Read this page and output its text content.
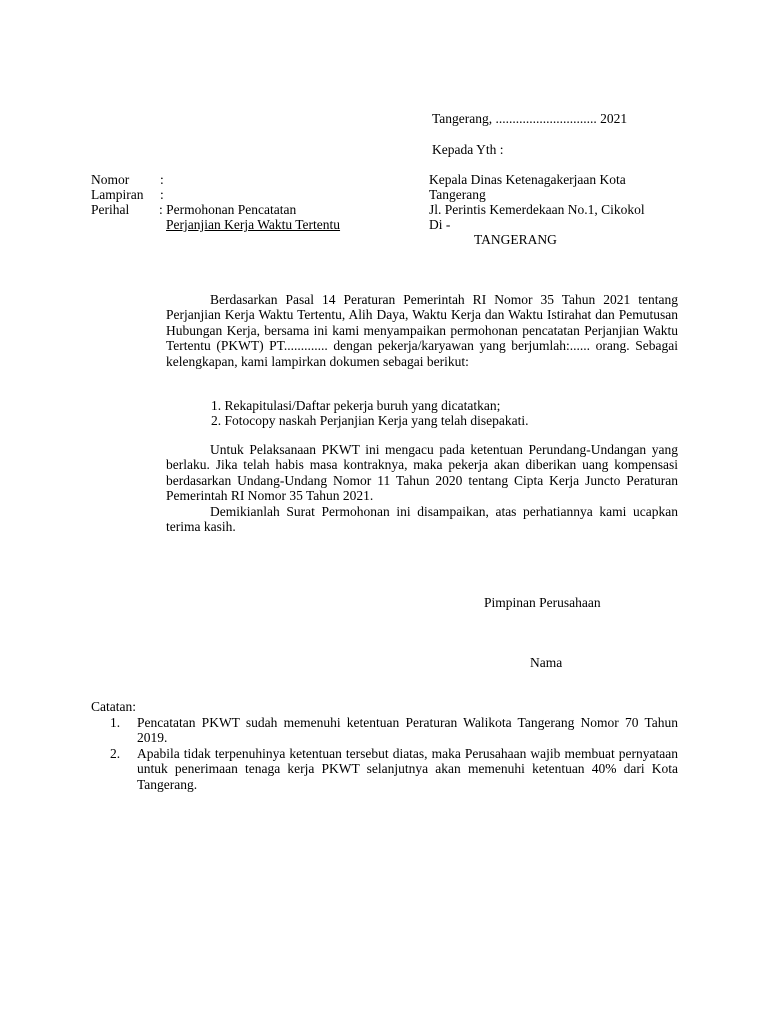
Tangerang, .............................. 2021
Kepada Yth :
Kepala Dinas Ketenagakerjaan Kota
Tangerang
Jl. Perintis Kemerdekaan No.1, Cikokol
Di -
TANGERANG
Nomor :
Lampiran :
Perihal : Permohonan Pencatatan
Perjanjian Kerja Waktu Tertentu
Berdasarkan Pasal 14 Peraturan Pemerintah RI Nomor 35 Tahun 2021 tentang Perjanjian Kerja Waktu Tertentu, Alih Daya, Waktu Kerja dan Waktu Istirahat dan Pemutusan Hubungan Kerja, bersama ini kami menyampaikan permohonan pencatatan Perjanjian Waktu Tertentu (PKWT) PT............. dengan pekerja/karyawan yang berjumlah:...... orang. Sebagai kelengkapan, kami lampirkan dokumen sebagai berikut:
1. Rekapitulasi/Daftar pekerja buruh yang dicatatkan;
2. Fotocopy naskah Perjanjian Kerja yang telah disepakati.
Untuk Pelaksanaan PKWT ini mengacu pada ketentuan Perundang-Undangan yang berlaku. Jika telah habis masa kontraknya, maka pekerja akan diberikan uang kompensasi berdasarkan Undang-Undang Nomor 11 Tahun 2020 tentang Cipta Kerja Juncto Peraturan Pemerintah RI Nomor 35 Tahun 2021.
Demikianlah Surat Permohonan ini disampaikan, atas perhatiannya kami ucapkan terima kasih.
Pimpinan Perusahaan
Nama
Catatan:
1. Pencatatan PKWT sudah memenuhi ketentuan Peraturan Walikota Tangerang Nomor 70 Tahun 2019.
2. Apabila tidak terpenuhinya ketentuan tersebut diatas, maka Perusahaan wajib membuat pernyataan untuk penerimaan tenaga kerja PKWT selanjutnya akan memenuhi ketentuan 40% dari Kota Tangerang.
